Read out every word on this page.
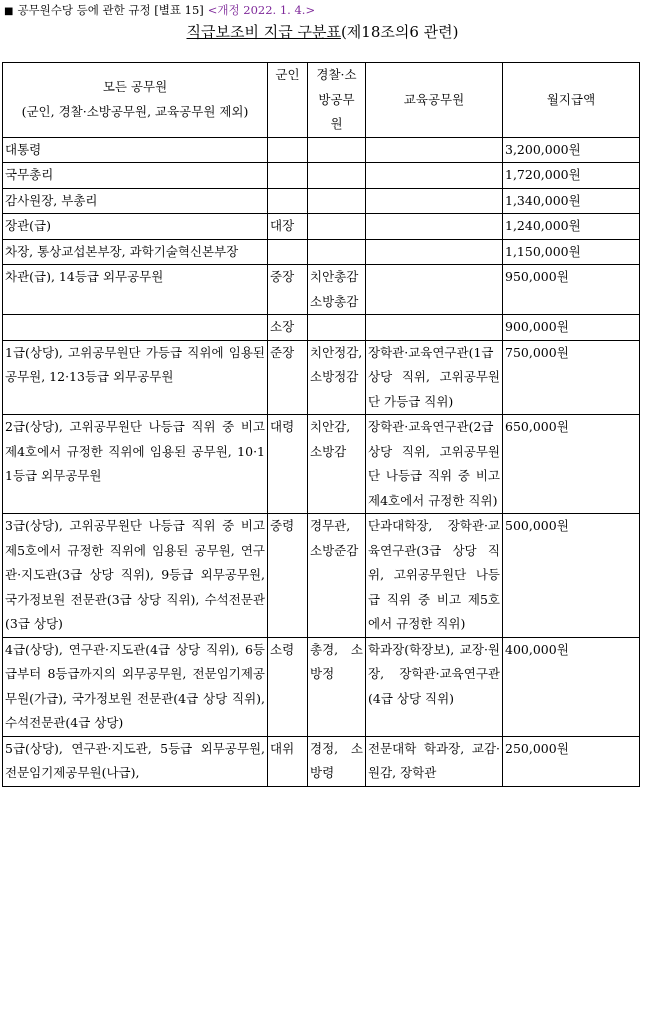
■ 공무원수당 등에 관한 규정 [별표 15] <개정 2022. 1. 4.>
직급보조비 지급 구분표(제18조의6 관련)
모든 공무원
(군인, 경찰·소방공무원, 교육공무원 제외)	군인	경찰·소방공무원	교육공무원	월지급액
대통령				3,200,000원
국무총리				1,720,000원
감사원장, 부총리				1,340,000원
장관(급)	대장			1,240,000원
차장, 통상교섭본부장, 과학기술혁신본부장				1,150,000원
차관(급), 14등급 외무공무원	중장	치안총감 소방총감		950,000원
	소장			900,000원
1급(상당), 고위공무원단 가등급 직위에 임용된 공무원, 12·13등급 외무공무원	준장	치안정감, 소방정감	장학관·교육연구관(1급 상당 직위, 고위공무원단 가등급 직위)	750,000원
2급(상당), 고위공무원단 나등급 직위 중 비고 제4호에서 규정한 직위에 임용된 공무원, 10·11등급 외무공무원	대령	치안감, 소방감	장학관·교육연구관(2급 상당 직위, 고위공무원단 나등급 직위 중 비고 제4호에서 규정한 직위)	650,000원
3급(상당), 고위공무원단 나등급 직위 중 비고 제5호에서 규정한 직위에 임용된 공무원, 연구관·지도관(3급 상당 직위), 9등급 외무공무원, 국가정보원 전문관(3급 상당 직위), 수석전문관(3급 상당)	중령	경무관, 소방준감	단과대학장, 장학관·교육연구관(3급 상당 직위, 고위공무원단 나등급 직위 중 비고 제5호에서 규정한 직위)	500,000원
4급(상당), 연구관·지도관(4급 상당 직위), 6등급부터 8등급까지의 외무공무원, 전문임기제공무원(가급), 국가정보원 전문관(4급 상당 직위), 수석전문관(4급 상당)	소령	총경, 소방정	학과장(학장보), 교장·원장, 장학관·교육연구관(4급 상당 직위)	400,000원
5급(상당), 연구관·지도관, 5등급 외무공무원, 전문임기제공무원(나급),	대위	경정, 소방령	전문대학 학과장, 교감·원감, 장학관	250,000원
